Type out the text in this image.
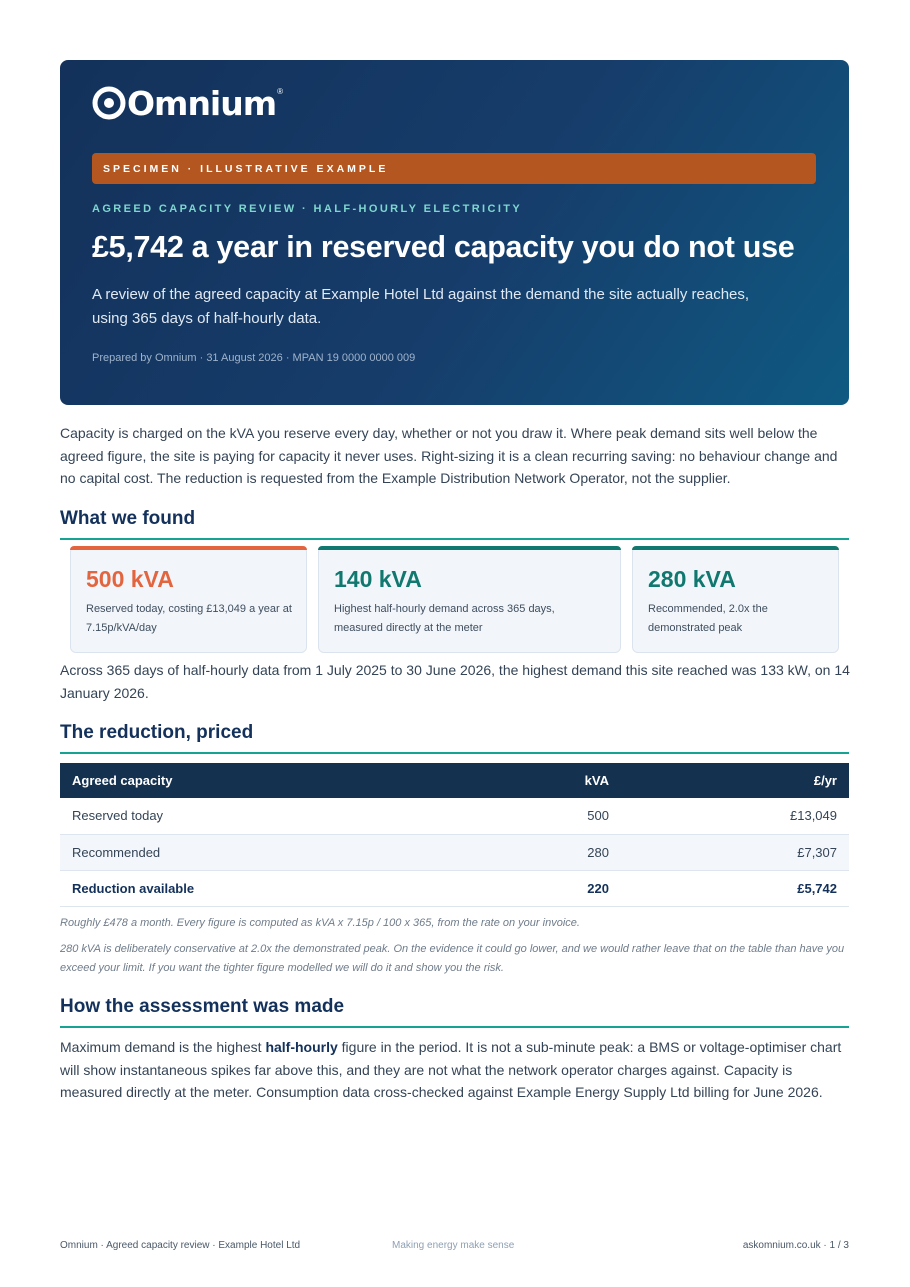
Omnium ®
SPECIMEN · ILLUSTRATIVE EXAMPLE
AGREED CAPACITY REVIEW · HALF-HOURLY ELECTRICITY
£5,742 a year in reserved capacity you do not use
A review of the agreed capacity at Example Hotel Ltd against the demand the site actually reaches, using 365 days of half-hourly data.
Prepared by Omnium · 31 August 2026 · MPAN 19 0000 0000 009
Capacity is charged on the kVA you reserve every day, whether or not you draw it. Where peak demand sits well below the agreed figure, the site is paying for capacity it never uses. Right-sizing it is a clean recurring saving: no behaviour change and no capital cost. The reduction is requested from the Example Distribution Network Operator, not the supplier.
What we found
500 kVA
Reserved today, costing £13,049 a year at 7.15p/kVA/day
140 kVA
Highest half-hourly demand across 365 days, measured directly at the meter
280 kVA
Recommended, 2.0x the demonstrated peak
Across 365 days of half-hourly data from 1 July 2025 to 30 June 2026, the highest demand this site reached was 133 kW, on 14 January 2026.
The reduction, priced
Agreed capacity	kVA	£/yr
Reserved today	500	£13,049
Recommended	280	£7,307
Reduction available	220	£5,742
Roughly £478 a month. Every figure is computed as kVA x 7.15p / 100 x 365, from the rate on your invoice.
280 kVA is deliberately conservative at 2.0x the demonstrated peak. On the evidence it could go lower, and we would rather leave that on the table than have you exceed your limit. If you want the tighter figure modelled we will do it and show you the risk.
How the assessment was made
Maximum demand is the highest half-hourly figure in the period. It is not a sub-minute peak: a BMS or voltage-optimiser chart will show instantaneous spikes far above this, and they are not what the network operator charges against. Capacity is measured directly at the meter. Consumption data cross-checked against Example Energy Supply Ltd billing for June 2026.
Omnium · Agreed capacity review · Example Hotel Ltd	Making energy make sense	askomnium.co.uk · 1 / 3
